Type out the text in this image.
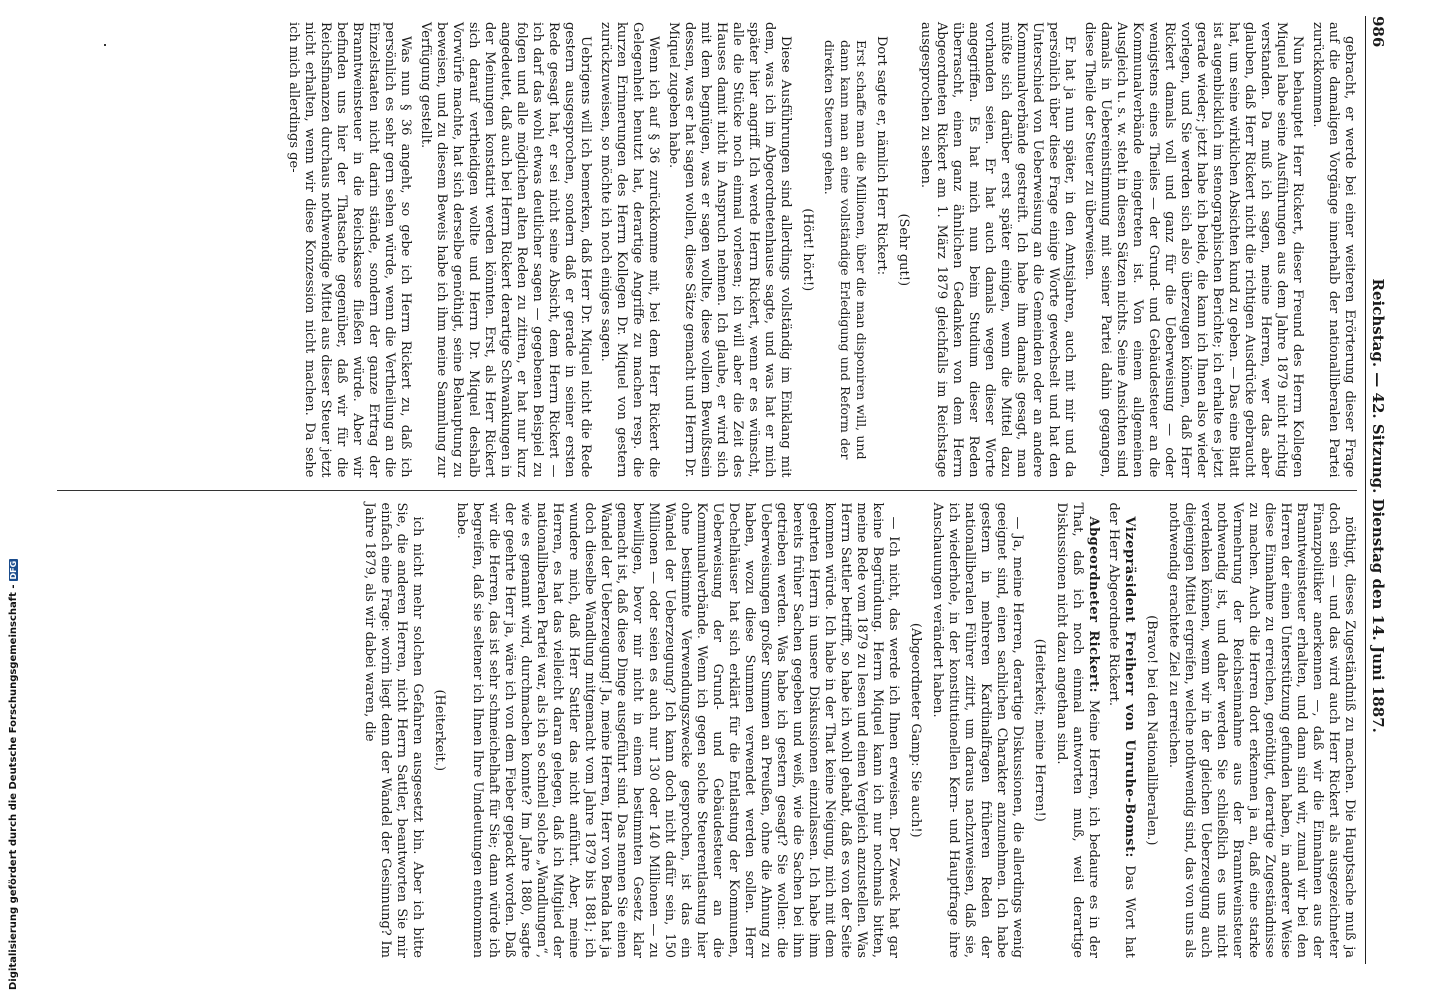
986
Reichstag. — 42. Sitzung. Dienstag den 14. Juni 1887.

gebracht, er werde bei einer weiteren Erörterung dieser Frage auf die damaligen Vorgänge innerhalb der nationalliberalen Partei zurückkommen.

Nun behauptet Herr Rickert, dieser Freund des Herrn Kollegen Miquel habe seine Ausführungen aus dem Jahre 1879 nicht richtig verstanden. Da muß ich sagen, meine Herren, wer das aber glauben, daß Herr Rickert nicht die richtigen Ausdrücke gebraucht hat, um seine wirklichen Absichten kund zu geben. — Das eine Blatt ist augenblicklich im stenographischen Berichte; ich erhalte es jetzt gerade wieder; jetzt habe ich beide, die kann ich Ihnen also wieder vorlegen, und Sie werden sich also überzeugen können, daß Herr Rickert damals voll und ganz für die Ueberweisung — oder wenigstens eines Theiles — der Grund- und Gebäudesteuer an die Kommunalverbände eingetreten ist. Von einem allgemeinen Ausgleich u. s. w. steht in diesen Sätzen nichts. Seine Ansichten sind damals in Uebereinstimmung mit seiner Partei dahin gegangen, diese Theile der Steuer zu überweisen.

Er hat ja nun später, in den Amtsjahren, auch mit mir und da persönlich über diese Frage einige Worte gewechselt und hat den Unterschied von Ueberweisung an die Gemeinden oder an andere Kommunalverbände gestreift. Ich habe ihm damals gesagt, man müßte sich darüber erst später einigen, wenn die Mittel dazu vorhanden seien. Er hat auch damals wegen dieser Worte angegriffen. Es hat mich nun beim Studium dieser Reden überrascht, einen ganz ähnlichen Gedanken von dem Herrn Abgeordneten Rickert am 1. März 1879 gleichfalls im Reichstage ausgesprochen zu sehen.

(Sehr gut!)

Dort sagte er, nämlich Herr Rickert:

Erst schaffe man die Millionen, über die man disponiren will, und dann kann man an eine vollständige Erledigung und Reform der direkten Steuern gehen.

(Hört! hört!)

Diese Ausführungen sind allerdings vollständig im Einklang mit dem, was ich im Abgeordnetenhause sagte, und was hat er mich später hier angriff. Ich werde Herrn Rickert, wenn er es wünscht, alle die Stücke noch einmal vorlesen; ich will aber die Zeit des Hauses damit nicht in Anspruch nehmen. Ich glaube, er wird sich mit dem begnügen, was er sagen wollte, diese vollem Bewußtsein dessen, was er hat sagen wollen, diese Sätze gemacht und Herrn Dr. Miquel zugeben habe.

Wenn ich auf § 36 zurückkomme mit, bei dem Herr Rickert die Gelegenheit benutzt hat, derartige Angriffe zu machen resp. die kurzen Erinnerungen des Herrn Kollegen Dr. Miquel von gestern zurückzuweisen, so möchte ich noch einiges sagen.

Uebrigens will ich bemerken, daß Herr Dr. Miquel nicht die Rede gestern ausgesprochen, sondern daß er gerade in seiner ersten Rede gesagt hat, er sei nicht seine Absicht, dem Herrn Rickert — ich darf das wohl etwas deutlicher sagen — gegebenen Beispiel zu folgen und alle möglichen alten Reden zu zitiren, er hat nur kurz angedeutet, daß auch bei Herrn Rickert derartige Schwankungen in der Meinungen konstatirt werden könnten. Erst, als Herr Rickert sich darauf vertheidigen wollte und Herrn Dr. Miquel deshalb Vorwürfe machte, hat sich derselbe genöthigt, seine Behauptung zu beweisen, und zu diesem Beweis habe ich ihm meine Sammlung zur Verfügung gestellt.

Was nun § 36 angeht, so gebe ich Herrn Rickert zu, daß ich persönlich es sehr gern sehen würde, wenn die Vertheilung an die Einzelstaaten nicht darin stände, sondern der ganze Ertrag der Branntweinsteuer in die Reichskasse fließen würde. Aber wir befinden uns hier der Thatsache gegenüber, daß wir für die Reichsfinanzen durchaus nothwendige Mittel aus dieser Steuer jetzt nicht erhalten, wenn wir diese Konzession nicht machen. Da sehe ich mich allerdings ge-

nöthigt, dieses Zugeständniß zu machen. Die Hauptsache muß ja doch sein — und das wird auch Herr Rickert als ausgezeichneter Finanzpolitiker anerkennen —, daß wir die Einnahmen aus der Branntweinsteuer erhalten, und dann sind wir, zumal wir bei den Herren der einen Unterstützung gefunden haben, in anderer Weise diese Einnahme zu erreichen, genöthigt, derartige Zugeständnisse zu machen. Auch die Herren dort erkennen ja an, daß eine starke Vermehrung der Reichseinnahme aus der Branntweinsteuer nothwendig ist, und daher werden Sie schließlich es uns nicht verdenken können, wenn wir in der gleichen Ueberzeugung auch diejenigen Mittel ergreifen, welche nothwendig sind, das von uns als nothwendig erachtete Ziel zu erreichen.

(Bravo! bei den Nationalliberalen.)

Vizepräsident Freiherr von Unruhe-Bomst: Das Wort hat der Herr Abgeordnete Rickert.

Abgeordneter Rickert: Meine Herren, ich bedaure es in der That, daß ich noch einmal antworten muß, weil derartige Diskussionen nicht dazu angethan sind.

(Heiterkeit; meine Herren!)

— Ja, meine Herren, derartige Diskussionen, die allerdings wenig geeignet sind, einen sachlichen Charakter anzunehmen. Ich habe gestern in mehreren Kardinalfragen früheren Reden der nationalliberalen Führer zitirt, um daraus nachzuweisen, daß sie, ich wiederhole, in der konstitutionellen Kern- und Hauptfrage ihre Anschauungen verändert haben.

(Abgeordneter Gamp: Sie auch!)

— Ich nicht, das werde ich Ihnen erweisen. Der Zweck hat gar keine Begründung. Herrn Miquel kann ich nur nochmals bitten, meine Rede vom 1879 zu lesen und einen Vergleich anzustellen. Was Herrn Sattler betrifft, so habe ich wohl gehabt, daß es von der Seite kommen würde. Ich habe in der That keine Neigung, mich mit dem geehrten Herrn in unsere Diskussionen einzulassen. Ich habe ihm bereits früher Sachen gegeben und weiß, wie die Sachen bei ihm getrieben werden. Was habe ich gestern gesagt? Sie wollen: die Ueberweisungen großer Summen an Preußen, ohne die Ahnung zu haben, wozu diese Summen verwendet werden sollen. Herr Dechelhäuser hat sich erklärt für die Entlastung der Kommunen, Ueberweisung der Grund- und Gebäudesteuer an die Kommunalverbände. Wenn ich gegen solche Steuerentlastung hier ohne bestimmte Verwendungszwecke gesprochen, ist das ein Wandel der Ueberzeugung? Ich kann doch nicht dafür sein, 150 Millionen — oder seien es auch nur 130 oder 140 Millionen — zu bewilligen, bevor mir nicht in einem bestimmten Gesetz klar gemacht ist, daß diese Dinge ausgeführt sind. Das nennen Sie einen Wandel der Ueberzeugung! Ja, meine Herren, Herr von Benda hat ja doch dieselbe Wandlung mitgemacht vom Jahre 1879 bis 1881; ich wundere mich, daß Herr Sattler das nicht anführt. Aber, meine Herren, es hat das vielleicht daran gelegen, daß ich Mitglied der nationalliberalen Partei war, als ich so schnell solche „Wandlungen“, wie es genannt wird, durchmachen konnte? Im Jahre 1880, sagte der geehrte Herr ja, wäre ich von dem Fieber gepackt worden. Daß wir die Herren, das ist sehr schmeichelhaft für Sie; dann würde ich begreifen, daß sie seltener ich Ihnen Ihre Umdeutungen entnommen habe.

(Heiterkeit.)

ich nicht mehr solchen Gefahren ausgesetzt bin. Aber ich bitte Sie, die anderen Herren, nicht Herrn Sattler, beantworten Sie mir einfach eine Frage: worin liegt denn der Wandel der Gesinnung? Im Jahre 1879, als wir dabei waren, die

Digitalisierung gefördert durch die Deutsche Forschungsgemeinschaft -DFG
